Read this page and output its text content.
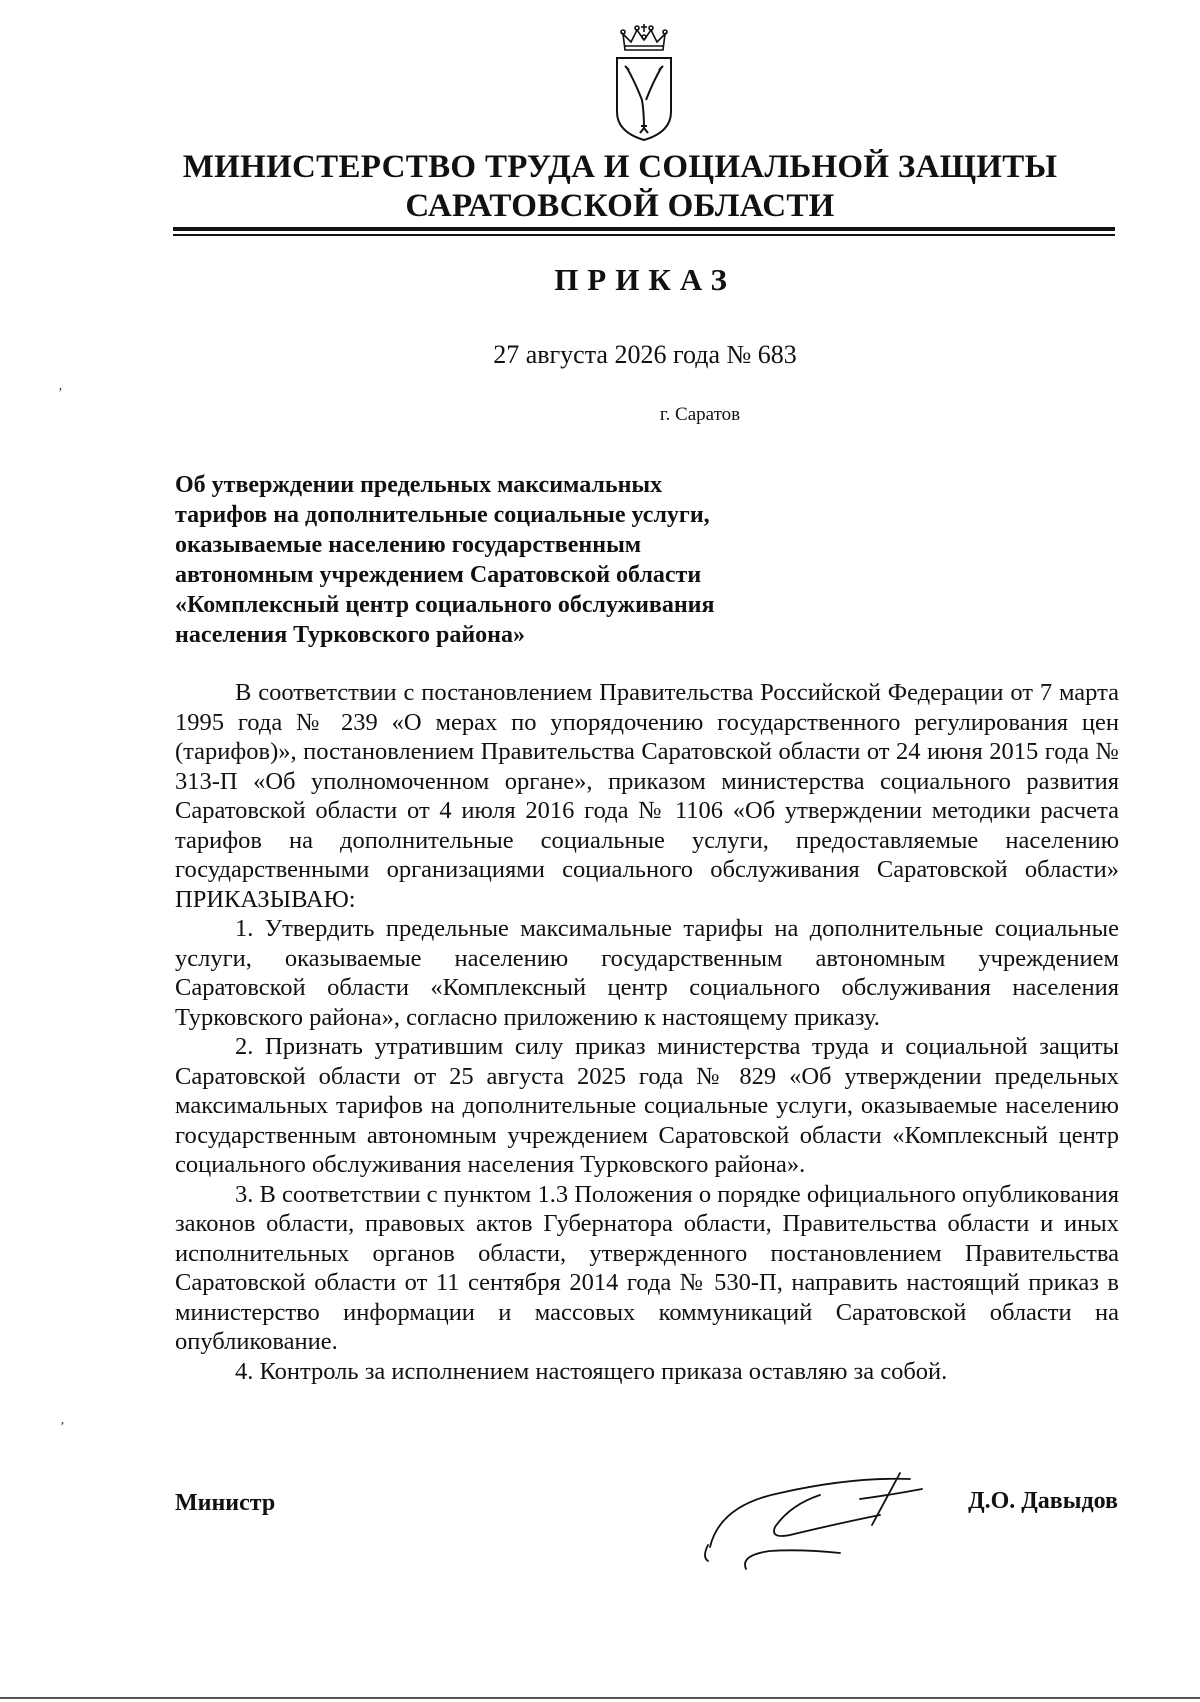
МИНИСТЕРСТВО ТРУДА И СОЦИАЛЬНОЙ ЗАЩИТЫ
САРАТОВСКОЙ ОБЛАСТИ
ПРИКАЗ
27 августа 2026 года № 683
г. Саратов
Об утверждении предельных максимальных
тарифов на дополнительные социальные услуги,
оказываемые населению государственным
автономным учреждением Саратовской области
«Комплексный центр социального обслуживания
населения Турковского района»

В соответствии с постановлением Правительства Российской Федерации от 7 марта 1995 года № 239 «О мерах по упорядочению государственного регулирования цен (тарифов)», постановлением Правительства Саратовской области от 24 июня 2015 года № 313-П «Об уполномоченном органе», приказом министерства социального развития Саратовской области от 4 июля 2016 года № 1106 «Об утверждении методики расчета тарифов на дополнительные социальные услуги, предоставляемые населению государственными организациями социального обслуживания Саратовской области» ПРИКАЗЫВАЮ:

1. Утвердить предельные максимальные тарифы на дополнительные социальные услуги, оказываемые населению государственным автономным учреждением Саратовской области «Комплексный центр социального обслуживания населения Турковского района», согласно приложению к настоящему приказу.

2. Признать утратившим силу приказ министерства труда и социальной защиты Саратовской области от 25 августа 2025 года № 829 «Об утверждении предельных максимальных тарифов на дополнительные социальные услуги, оказываемые населению государственным автономным учреждением Саратовской области «Комплексный центр социального обслуживания населения Турковского района».

3. В соответствии с пунктом 1.3 Положения о порядке официального опубликования законов области, правовых актов Губернатора области, Правительства области и иных исполнительных органов области, утвержденного постановлением Правительства Саратовской области от 11 сентября 2014 года № 530-П, направить настоящий приказ в министерство информации и массовых коммуникаций Саратовской области на опубликование.

4. Контроль за исполнением настоящего приказа оставляю за собой.

Министр	Д.О. Давыдов
’
’
